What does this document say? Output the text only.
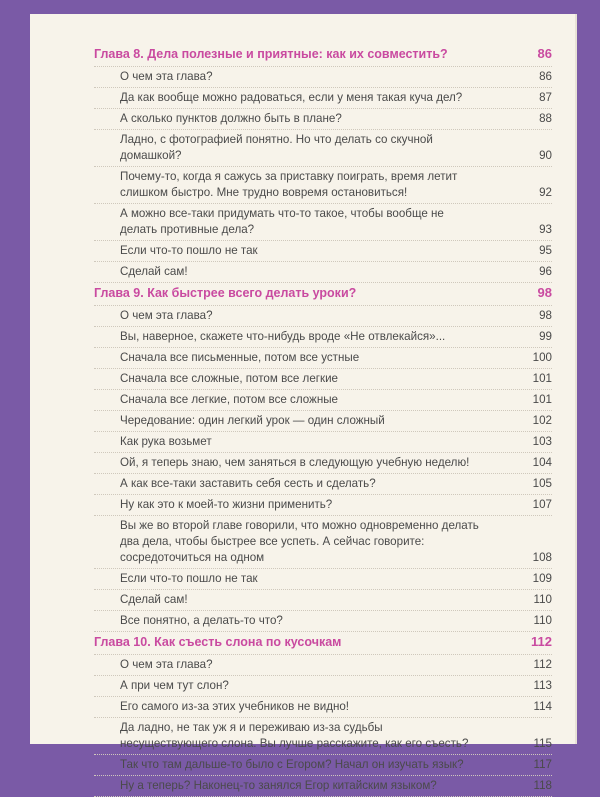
Глава 8. Дела полезные и приятные: как их совместить?	86
О чем эта глава?	86
Да как вообще можно радоваться, если у меня такая куча дел?	87
А сколько пунктов должно быть в плане?	88
Ладно, с фотографией понятно. Но что делать со скучной домашкой?	90
Почему-то, когда я сажусь за приставку поиграть, время летит слишком быстро. Мне трудно вовремя остановиться!	92
А можно все-таки придумать что-то такое, чтобы вообще не делать противные дела?	93
Если что-то пошло не так	95
Сделай сам!	96
Глава 9. Как быстрее всего делать уроки?	98
О чем эта глава?	98
Вы, наверное, скажете что-нибудь вроде «Не отвлекайся»...	99
Сначала все письменные, потом все устные	100
Сначала все сложные, потом все легкие	101
Сначала все легкие, потом все сложные	101
Чередование: один легкий урок — один сложный	102
Как рука возьмет	103
Ой, я теперь знаю, чем заняться в следующую учебную неделю!	104
А как все-таки заставить себя сесть и сделать?	105
Ну как это к моей-то жизни применить?	107
Вы же во второй главе говорили, что можно одновременно делать два дела, чтобы быстрее все успеть. А сейчас говорите: сосредоточиться на одном	108
Если что-то пошло не так	109
Сделай сам!	110
Все понятно, а делать-то что?	110
Глава 10. Как съесть слона по кусочкам	112
О чем эта глава?	112
А при чем тут слон?	113
Его самого из-за этих учебников не видно!	114
Да ладно, не так уж я и переживаю из-за судьбы несуществующего слона. Вы лучше расскажите, как его съесть?	115
Так что там дальше-то было с Егором? Начал он изучать язык?	117
Ну а теперь? Наконец-то занялся Егор китайским языком?	118
